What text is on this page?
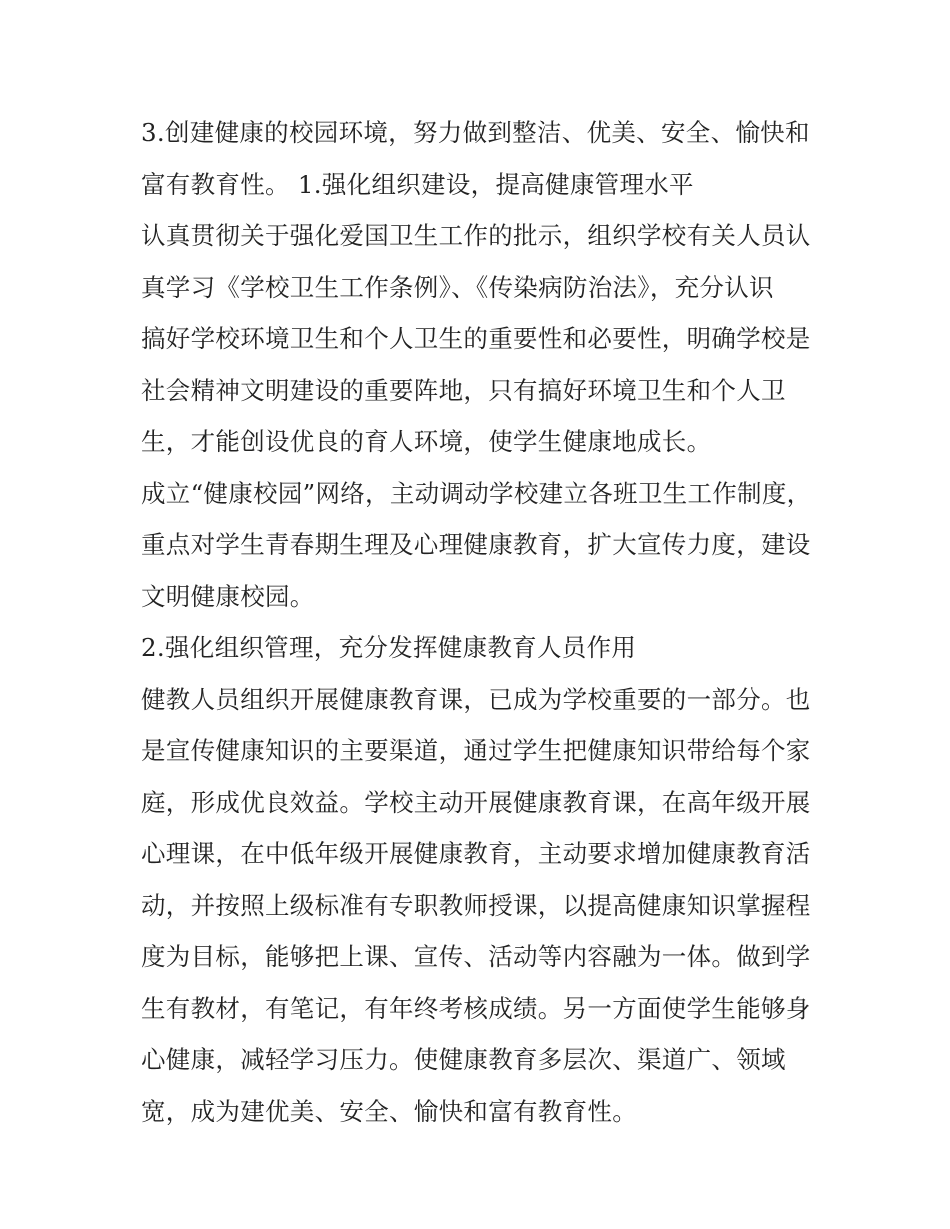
3.创建健康的校园环境，努力做到整洁、优美、安全、愉快和
富有教育性。 1.强化组织建设，提高健康管理水平
认真贯彻关于强化爱国卫生工作的批示，组织学校有关人员认
真学习《学校卫生工作条例》、《传染病防治法》，充分认识
搞好学校环境卫生和个人卫生的重要性和必要性，明确学校是
社会精神文明建设的重要阵地，只有搞好环境卫生和个人卫
生，才能创设优良的育人环境，使学生健康地成长。
成立“健康校园”网络，主动调动学校建立各班卫生工作制度，
重点对学生青春期生理及心理健康教育，扩大宣传力度，建设
文明健康校园。
2.强化组织管理，充分发挥健康教育人员作用
健教人员组织开展健康教育课，已成为学校重要的一部分。也
是宣传健康知识的主要渠道，通过学生把健康知识带给每个家
庭，形成优良效益。学校主动开展健康教育课，在高年级开展
心理课，在中低年级开展健康教育，主动要求增加健康教育活
动，并按照上级标准有专职教师授课，以提高健康知识掌握程
度为目标，能够把上课、宣传、活动等内容融为一体。做到学
生有教材，有笔记，有年终考核成绩。另一方面使学生能够身
心健康，减轻学习压力。使健康教育多层次、渠道广、领域
宽，成为建优美、安全、愉快和富有教育性。
